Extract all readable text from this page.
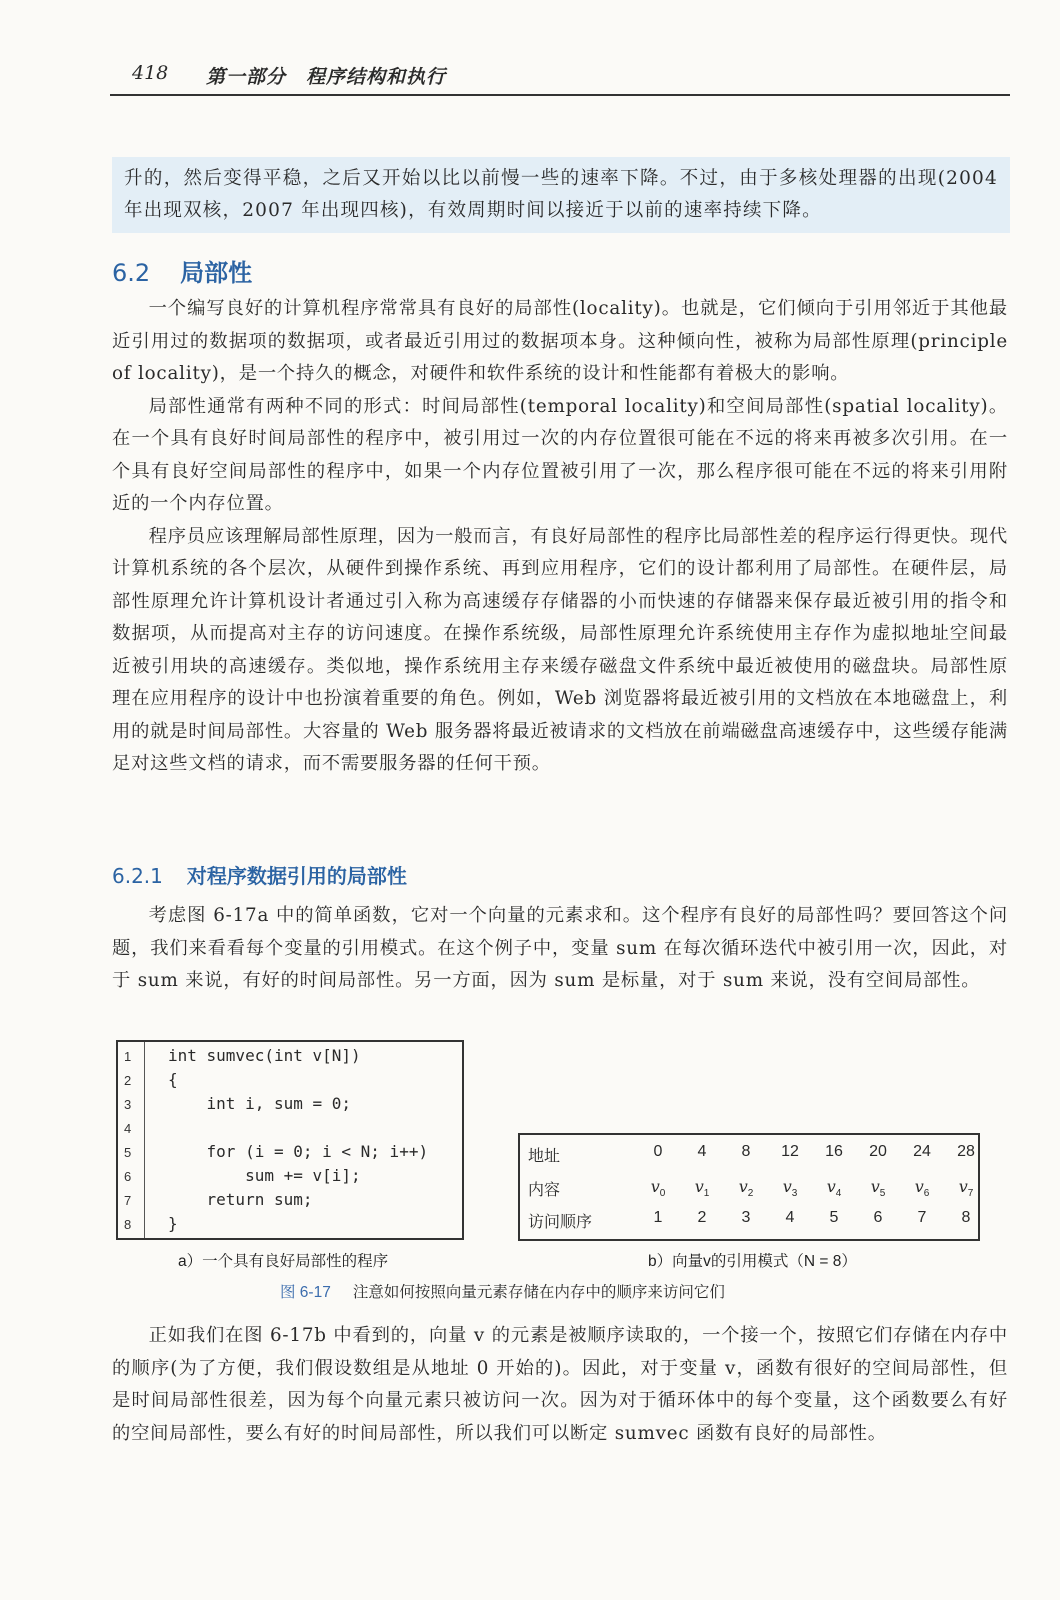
418 第一部分　程序结构和执行

升的，然后变得平稳，之后又开始以比以前慢一些的速率下降。不过，由于多核处理器的出现(2004 年出现双核，2007 年出现四核)，有效周期时间以接近于以前的速率持续下降。

6.2 局部性

一个编写良好的计算机程序常常具有良好的局部性(locality)。也就是，它们倾向于引用邻近于其他最近引用过的数据项的数据项，或者最近引用过的数据项本身。这种倾向性，被称为局部性原理(principle of locality)，是一个持久的概念，对硬件和软件系统的设计和性能都有着极大的影响。

局部性通常有两种不同的形式：时间局部性(temporal locality)和空间局部性(spatial locality)。在一个具有良好时间局部性的程序中，被引用过一次的内存位置很可能在不远的将来再被多次引用。在一个具有良好空间局部性的程序中，如果一个内存位置被引用了一次，那么程序很可能在不远的将来引用附近的一个内存位置。

程序员应该理解局部性原理，因为一般而言，有良好局部性的程序比局部性差的程序运行得更快。现代计算机系统的各个层次，从硬件到操作系统、再到应用程序，它们的设计都利用了局部性。在硬件层，局部性原理允许计算机设计者通过引入称为高速缓存存储器的小而快速的存储器来保存最近被引用的指令和数据项，从而提高对主存的访问速度。在操作系统级，局部性原理允许系统使用主存作为虚拟地址空间最近被引用块的高速缓存。类似地，操作系统用主存来缓存磁盘文件系统中最近被使用的磁盘块。局部性原理在应用程序的设计中也扮演着重要的角色。例如，Web 浏览器将最近被引用的文档放在本地磁盘上，利用的就是时间局部性。大容量的 Web 服务器将最近被请求的文档放在前端磁盘高速缓存中，这些缓存能满足对这些文档的请求，而不需要服务器的任何干预。

6.2.1 对程序数据引用的局部性

考虑图 6-17a 中的简单函数，它对一个向量的元素求和。这个程序有良好的局部性吗？要回答这个问题，我们来看看每个变量的引用模式。在这个例子中，变量 sum 在每次循环迭代中被引用一次，因此，对于 sum 来说，有好的时间局部性。另一方面，因为 sum 是标量，对于 sum 来说，没有空间局部性。

1	int sumvec(int v[N])
2	{
3	int i, sum = 0;
4
5	for (i = 0; i < N; i++)
6	sum += v[i];
7	return sum;
8	}
a）一个具有良好局部性的程序
地址	0	4	8	12	16	20	24	28
内容	$v_0$	$v_1$	$v_2$	$v_3$	$v_4$	$v_5$	$v_6$	$v_7$
访问顺序	1	2	3	4	5	6	7	8
b）向量v的引用模式（N = 8）
图 6-17 注意如何按照向量元素存储在内存中的顺序来访问它们

正如我们在图 6-17b 中看到的，向量 v 的元素是被顺序读取的，一个接一个，按照它们存储在内存中的顺序(为了方便，我们假设数组是从地址 0 开始的)。因此，对于变量 v，函数有很好的空间局部性，但是时间局部性很差，因为每个向量元素只被访问一次。因为对于循环体中的每个变量，这个函数要么有好的空间局部性，要么有好的时间局部性，所以我们可以断定 sumvec 函数有良好的局部性。
